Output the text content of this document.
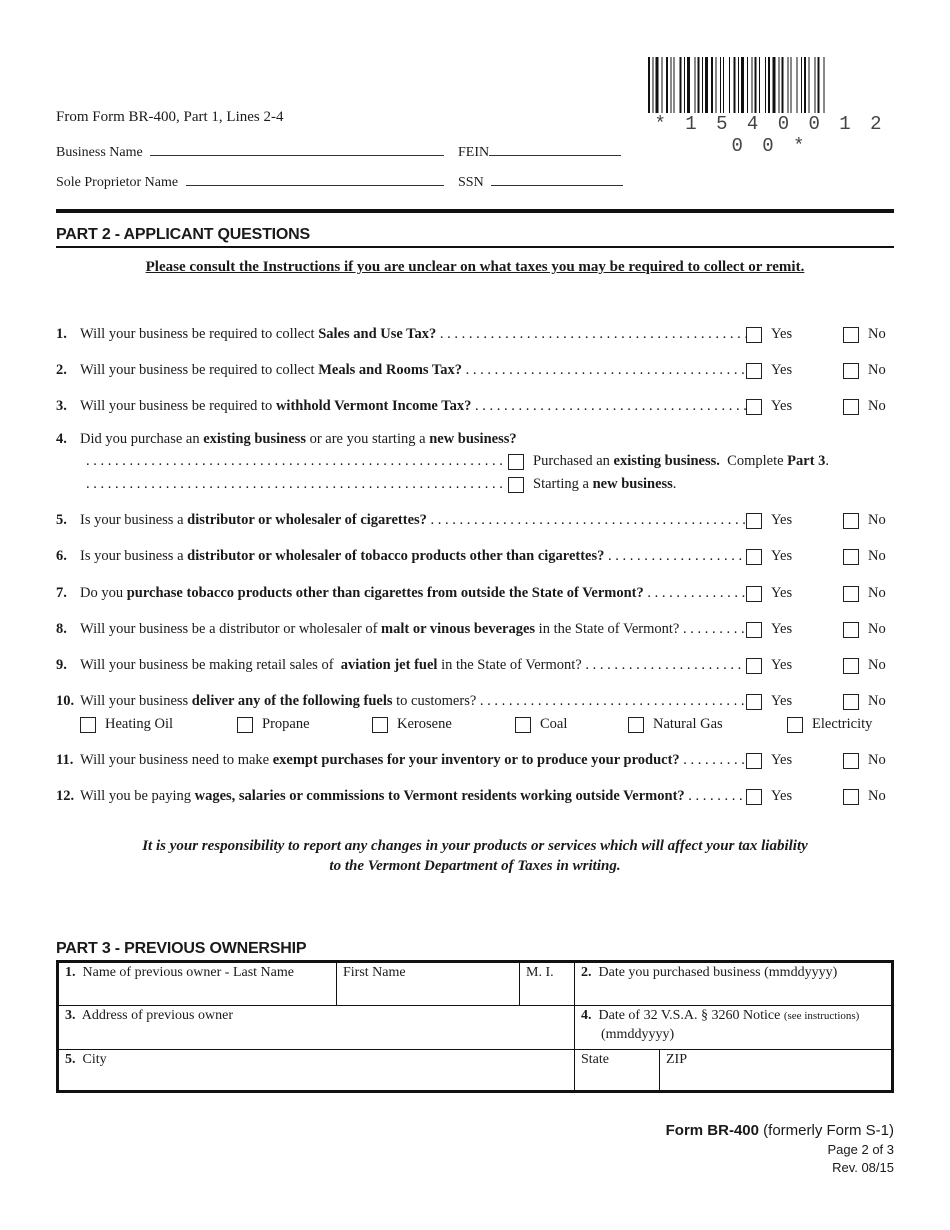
* 1 5 4 0 0 1 2 0 0 *
From Form BR-400, Part 1, Lines 2-4
Business Name	FEIN
Sole Proprietor Name	SSN
PART 2 - APPLICANT QUESTIONS
Please consult the Instructions if you are unclear on what taxes you may be required to collect or remit.
1. Will your business be required to collect Sales and Use Tax? . . .	Yes	No
2. Will your business be required to collect Meals and Rooms Tax? . . .	Yes	No
3. Will your business be required to withhold Vermont Income Tax? . . .	Yes	No
4. Did you purchase an existing business or are you starting a new business?
5. Is your business a distributor or wholesaler of cigarettes? . . .	Yes	No
6. Is your business a distributor or wholesaler of tobacco products other than cigarettes? . . .	Yes	No
7. Do you purchase tobacco products other than cigarettes from outside the State of Vermont? . . .	Yes	No
8. Will your business be a distributor or wholesaler of malt or vinous beverages in the State of Vermont? . . .	Yes	No
9. Will your business be making retail sales of  aviation jet fuel in the State of Vermont? . . .	Yes	No
10. Will your business deliver any of the following fuels to customers? . . .	Yes	No
11. Will your business need to make exempt purchases for your inventory or to produce your product? . . .	Yes	No
12. Will you be paying wages, salaries or commissions to Vermont residents working outside Vermont? . . .	Yes	No
. . .
Purchased an existing business.  Complete Part 3.
. . .
Starting a new business.
Heating Oil	Propane	Kerosene	Coal	Natural Gas	Electricity
It is your responsibility to report any changes in your products or services which will affect your tax liability
to the Vermont Department of Taxes in writing.
PART 3 - PREVIOUS OWNERSHIP
1. Name of previous owner - Last Name	First Name	M. I.	2. Date you purchased business (mmddyyyy)	
3. Address of previous owner			4. Date of 32 V.S.A. § 3260 Notice (see instructions)
(mmddyyyy)	
5. City			State	ZIP
Form BR-400 (formerly Form S-1)
Page 2 of 3
Rev. 08/15
